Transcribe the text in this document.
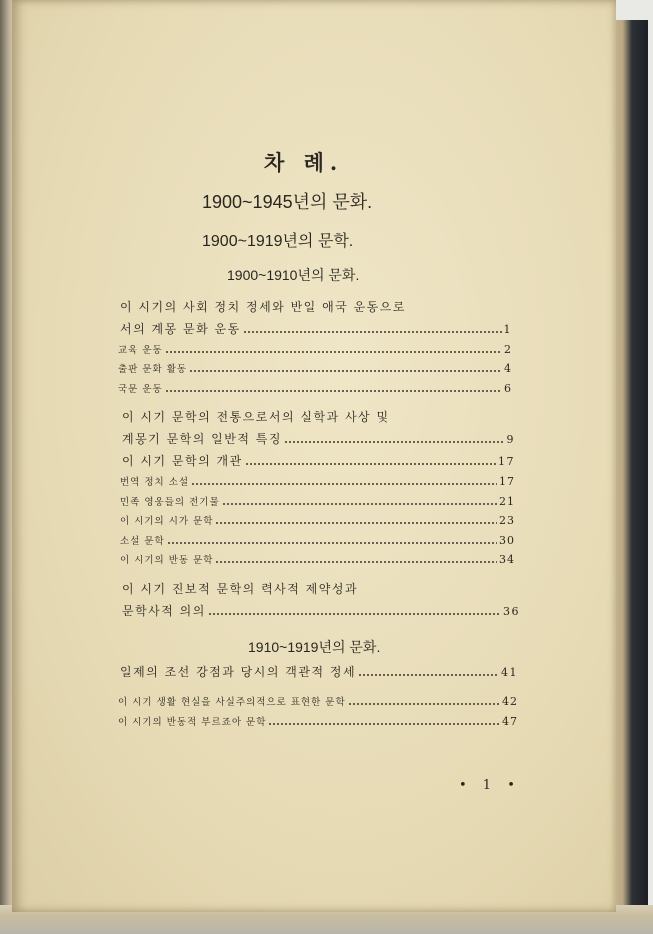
차 례.
1900~1945년의 문화.
1900~1919년의 문학.
1900~1910년의 문화.
이 시기의 사회 정치 정세와 반일 애국 운동으로
서의 계몽 문화 운동	1
교육 운동	2
출판 문화 활동	4
국문 운동	6
이 시기 문학의 전통으로서의 실학과 사상 및
계몽기 문학의 일반적 특징	9
이 시기 문학의 개관	17
번역 정치 소설	17
민족 영웅들의 전기물	21
이 시기의 시가 문학	23
소설 문학	30
이 시기의 반동 문학	34
이 시기 진보적 문학의 력사적 제약성과
문학사적 의의	36
1910~1919년의 문화.
일제의 조선 강점과 당시의 객관적 정세	41
이 시기 생활 현실을 사실주의적으로 표현한 문학	42
이 시기의 반동적 부르죠아 문학	47
• 1 •
